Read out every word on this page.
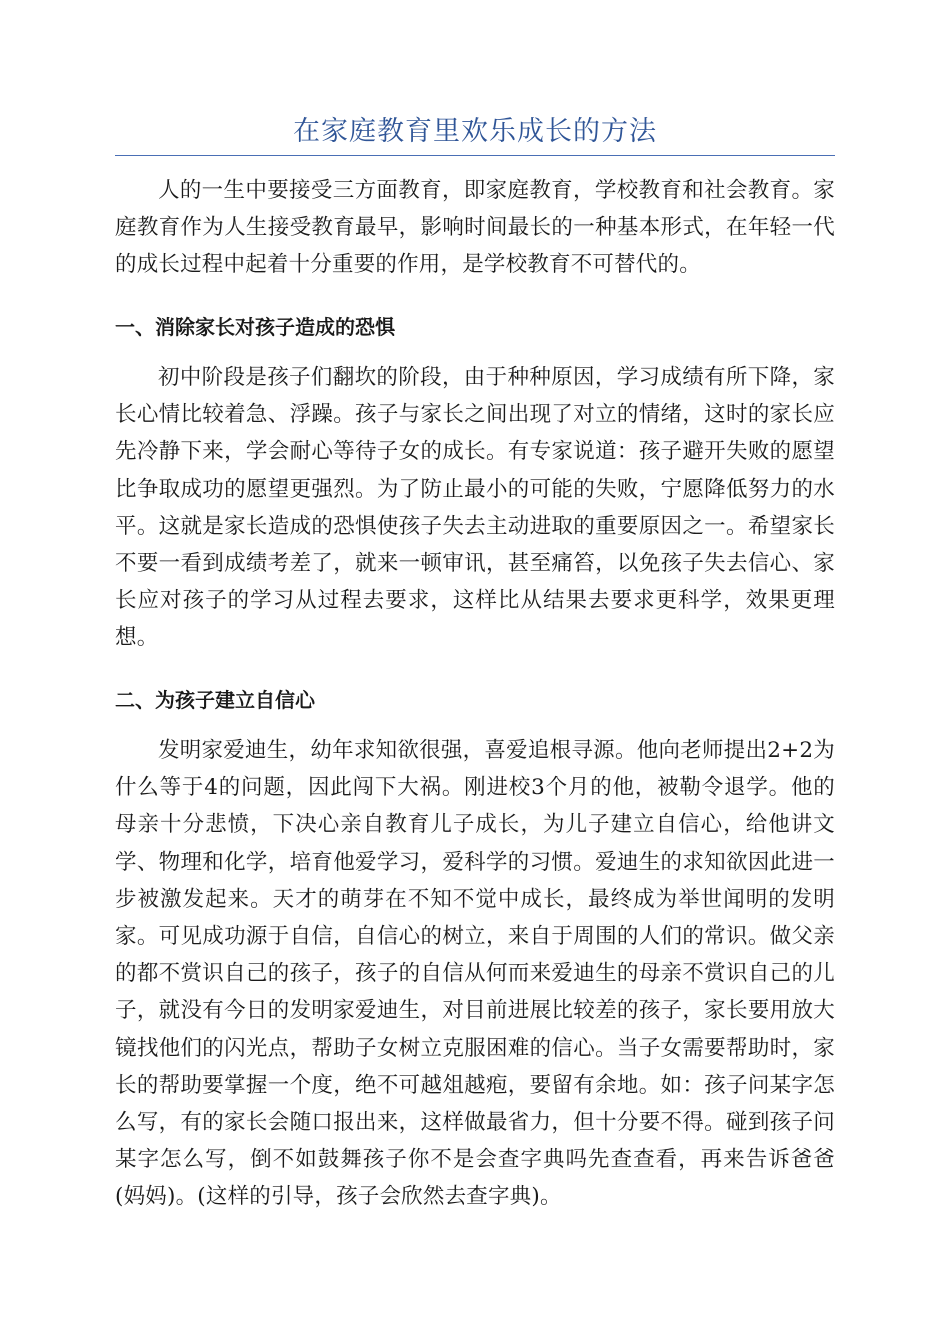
在家庭教育里欢乐成长的方法

人的一生中要接受三方面教育，即家庭教育，学校教育和社会教育。家庭教育作为人生接受教育最早，影响时间最长的一种基本形式，在年轻一代的成长过程中起着十分重要的作用，是学校教育不可替代的。

一、消除家长对孩子造成的恐惧

初中阶段是孩子们翻坎的阶段，由于种种原因，学习成绩有所下降，家长心情比较着急、浮躁。孩子与家长之间出现了对立的情绪，这时的家长应先冷静下来，学会耐心等待子女的成长。有专家说道：孩子避开失败的愿望比争取成功的愿望更强烈。为了防止最小的可能的失败，宁愿降低努力的水平。这就是家长造成的恐惧使孩子失去主动进取的重要原因之一。希望家长不要一看到成绩考差了，就来一顿审讯，甚至痛笞，以免孩子失去信心、家长应对孩子的学习从过程去要求，这样比从结果去要求更科学，效果更理想。

二、为孩子建立自信心

发明家爱迪生，幼年求知欲很强，喜爱追根寻源。他向老师提出2+2为什么等于4的问题，因此闯下大祸。刚进校3个月的他，被勒令退学。他的母亲十分悲愤，下决心亲自教育儿子成长，为儿子建立自信心，给他讲文学、物理和化学，培育他爱学习，爱科学的习惯。爱迪生的求知欲因此进一步被激发起来。天才的萌芽在不知不觉中成长，最终成为举世闻明的发明家。可见成功源于自信，自信心的树立，来自于周围的人们的常识。做父亲的都不赏识自己的孩子，孩子的自信从何而来爱迪生的母亲不赏识自己的儿子，就没有今日的发明家爱迪生，对目前进展比较差的孩子，家长要用放大镜找他们的闪光点，帮助子女树立克服困难的信心。当子女需要帮助时，家长的帮助要掌握一个度，绝不可越俎越疱，要留有余地。如：孩子问某字怎么写，有的家长会随口报出来，这样做最省力，但十分要不得。碰到孩子问某字怎么写，倒不如鼓舞孩子你不是会查字典吗先查查看，再来告诉爸爸(妈妈)。(这样的引导，孩子会欣然去查字典)。
